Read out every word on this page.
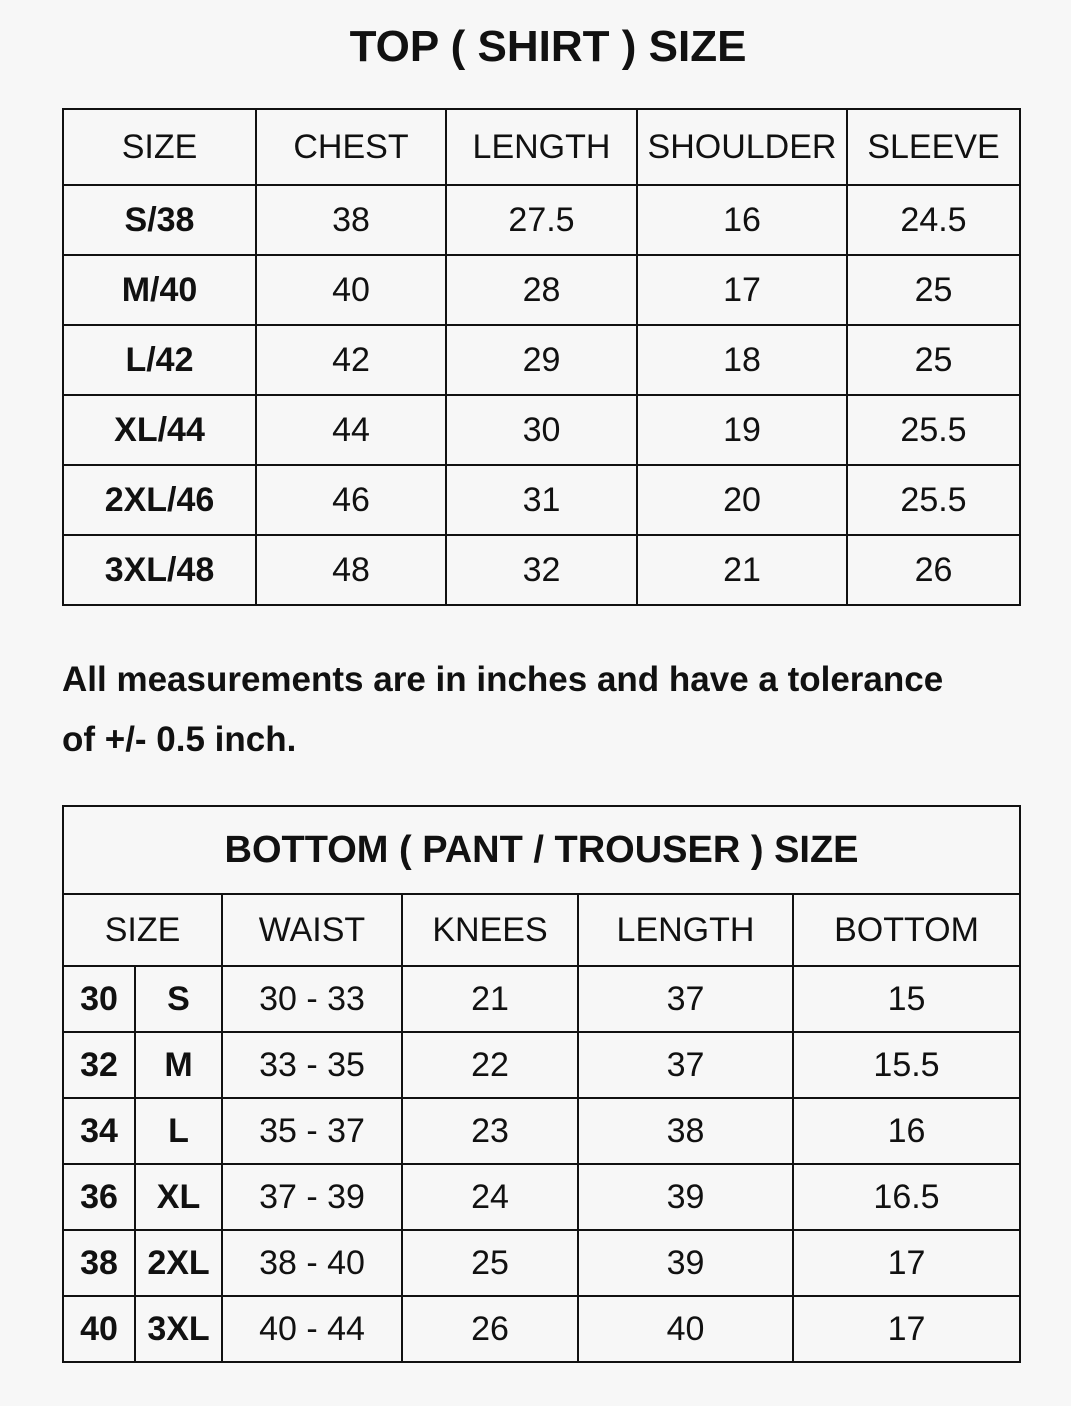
TOP ( SHIRT ) SIZE
SIZE	CHEST	LENGTH	SHOULDER	SLEEVE
S/38	38	27.5	16	24.5
M/40	40	28	17	25
L/42	42	29	18	25
XL/44	44	30	19	25.5
2XL/46	46	31	20	25.5
3XL/48	48	32	21	26
All measurements are in inches and have a tolerance
of +/- 0.5 inch.
BOTTOM ( PANT / TROUSER ) SIZE					
SIZE		WAIST	KNEES	LENGTH	BOTTOM
30	S	30 - 33	21	37	15
32	M	33 - 35	22	37	15.5
34	L	35 - 37	23	38	16
36	XL	37 - 39	24	39	16.5
38	2XL	38 - 40	25	39	17
40	3XL	40 - 44	26	40	17
